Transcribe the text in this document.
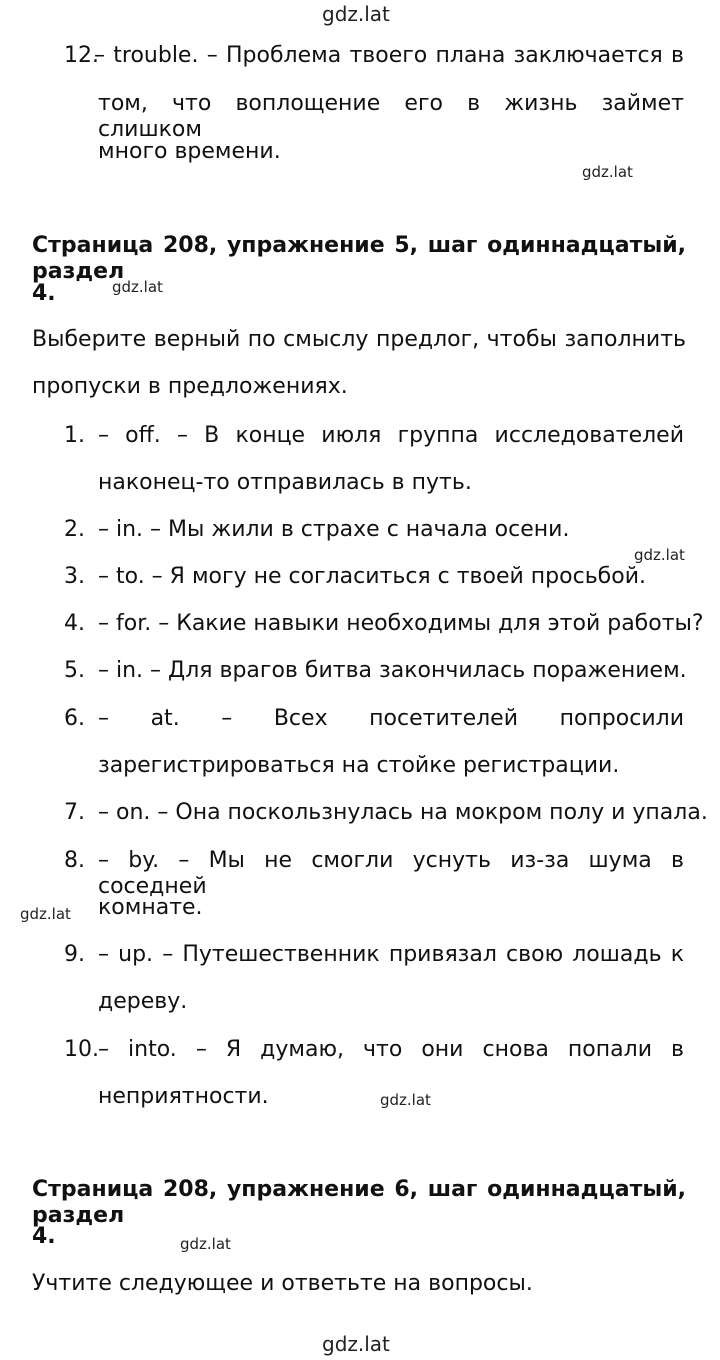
gdz.lat
gdz.lat
gdz.lat
gdz.lat
gdz.lat
gdz.lat
gdz.lat
gdz.lat
12.
– trouble. – Проблема твоего плана заключается в
том, что воплощение его в жизнь займет слишком
много времени.
Страница 208, упражнение 5, шаг одиннадцатый, раздел
4.
Выберите верный по смыслу предлог, чтобы заполнить
пропуски в предложениях.
1. – off. – В конце июля группа исследователей
наконец-то отправилась в путь.
2. – in. – Мы жили в страхе с начала осени.
3. – to. – Я могу не согласиться с твоей просьбой.
4. – for. – Какие навыки необходимы для этой работы?
5. – in. – Для врагов битва закончилась поражением.
6. – at. – Всех посетителей попросили
зарегистрироваться на стойке регистрации.
7. – on. – Она поскользнулась на мокром полу и упала.
8. – by. – Мы не смогли уснуть из-за шума в соседней
комнате.
9. – up. – Путешественник привязал свою лошадь к
дереву.
10. – into. – Я думаю, что они снова попали в
неприятности.
Страница 208, упражнение 6, шаг одиннадцатый, раздел
4.
Учтите следующее и ответьте на вопросы.
